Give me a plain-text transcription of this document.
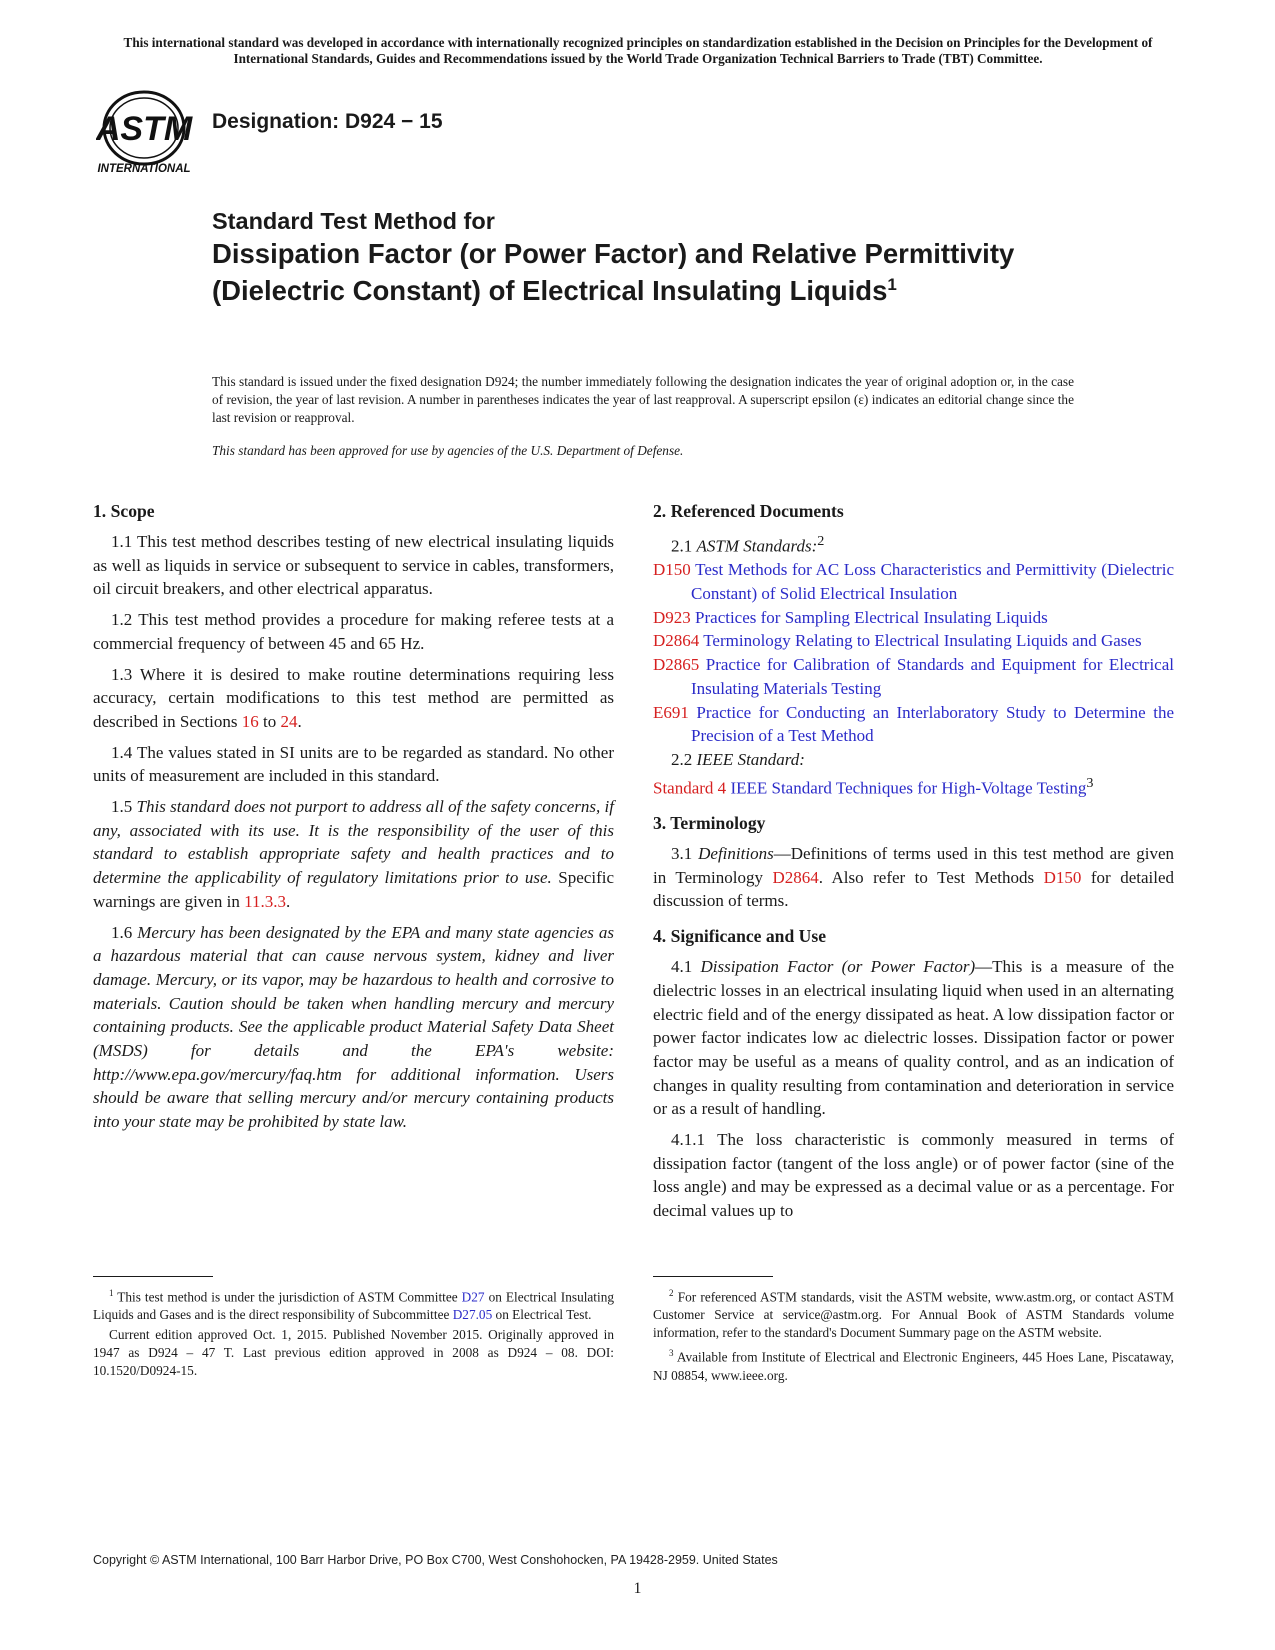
This international standard was developed in accordance with internationally recognized principles on standardization established in the Decision on Principles for the Development of International Standards, Guides and Recommendations issued by the World Trade Organization Technical Barriers to Trade (TBT) Committee.
ASTM
INTERNATIONAL
Designation: D924 − 15
Standard Test Method for
Dissipation Factor (or Power Factor) and Relative Permittivity (Dielectric Constant) of Electrical Insulating Liquids$^1$
This standard is issued under the fixed designation D924; the number immediately following the designation indicates the year of original adoption or, in the case of revision, the year of last revision. A number in parentheses indicates the year of last reapproval. A superscript epsilon (ε) indicates an editorial change since the last revision or reapproval.
This standard has been approved for use by agencies of the U.S. Department of Defense.
1. Scope

1.1 This test method describes testing of new electrical insulating liquids as well as liquids in service or subsequent to service in cables, transformers, oil circuit breakers, and other electrical apparatus.

1.2 This test method provides a procedure for making referee tests at a commercial frequency of between 45 and 65 Hz.

1.3 Where it is desired to make routine determinations requiring less accuracy, certain modifications to this test method are permitted as described in Sections 16 to 24.

1.4 The values stated in SI units are to be regarded as standard. No other units of measurement are included in this standard.

1.5 This standard does not purport to address all of the safety concerns, if any, associated with its use. It is the responsibility of the user of this standard to establish appropriate safety and health practices and to determine the applicability of regulatory limitations prior to use. Specific warnings are given in 11.3.3.

1.6 Mercury has been designated by the EPA and many state agencies as a hazardous material that can cause nervous system, kidney and liver damage. Mercury, or its vapor, may be hazardous to health and corrosive to materials. Caution should be taken when handling mercury and mercury containing products. See the applicable product Material Safety Data Sheet (MSDS) for details and the EPA's website: http://www.epa.gov/mercury/faq.htm for additional information. Users should be aware that selling mercury and/or mercury containing products into your state may be prohibited by state law.

2. Referenced Documents
2.1 ASTM Standards:$^2$
D150 Test Methods for AC Loss Characteristics and Permittivity (Dielectric Constant) of Solid Electrical Insulation
D923 Practices for Sampling Electrical Insulating Liquids
D2864 Terminology Relating to Electrical Insulating Liquids and Gases
D2865 Practice for Calibration of Standards and Equipment for Electrical Insulating Materials Testing
E691 Practice for Conducting an Interlaboratory Study to Determine the Precision of a Test Method
2.2 IEEE Standard:
Standard 4 IEEE Standard Techniques for High-Voltage Testing$^3$
3. Terminology

3.1 Definitions—Definitions of terms used in this test method are given in Terminology D2864. Also refer to Test Methods D150 for detailed discussion of terms.

4. Significance and Use

4.1 Dissipation Factor (or Power Factor)—This is a measure of the dielectric losses in an electrical insulating liquid when used in an alternating electric field and of the energy dissipated as heat. A low dissipation factor or power factor indicates low ac dielectric losses. Dissipation factor or power factor may be useful as a means of quality control, and as an indication of changes in quality resulting from contamination and deterioration in service or as a result of handling.

4.1.1 The loss characteristic is commonly measured in terms of dissipation factor (tangent of the loss angle) or of power factor (sine of the loss angle) and may be expressed as a decimal value or as a percentage. For decimal values up to

$^1$ This test method is under the jurisdiction of ASTM Committee D27 on Electrical Insulating Liquids and Gases and is the direct responsibility of Subcommittee D27.05 on Electrical Test.

Current edition approved Oct. 1, 2015. Published November 2015. Originally approved in 1947 as D924 – 47 T. Last previous edition approved in 2008 as D924 – 08. DOI: 10.1520/D0924-15.

$^2$ For referenced ASTM standards, visit the ASTM website, www.astm.org, or contact ASTM Customer Service at service@astm.org. For Annual Book of ASTM Standards volume information, refer to the standard's Document Summary page on the ASTM website.

$^3$ Available from Institute of Electrical and Electronic Engineers, 445 Hoes Lane, Piscataway, NJ 08854, www.ieee.org.

Copyright © ASTM International, 100 Barr Harbor Drive, PO Box C700, West Conshohocken, PA 19428-2959. United States
1
